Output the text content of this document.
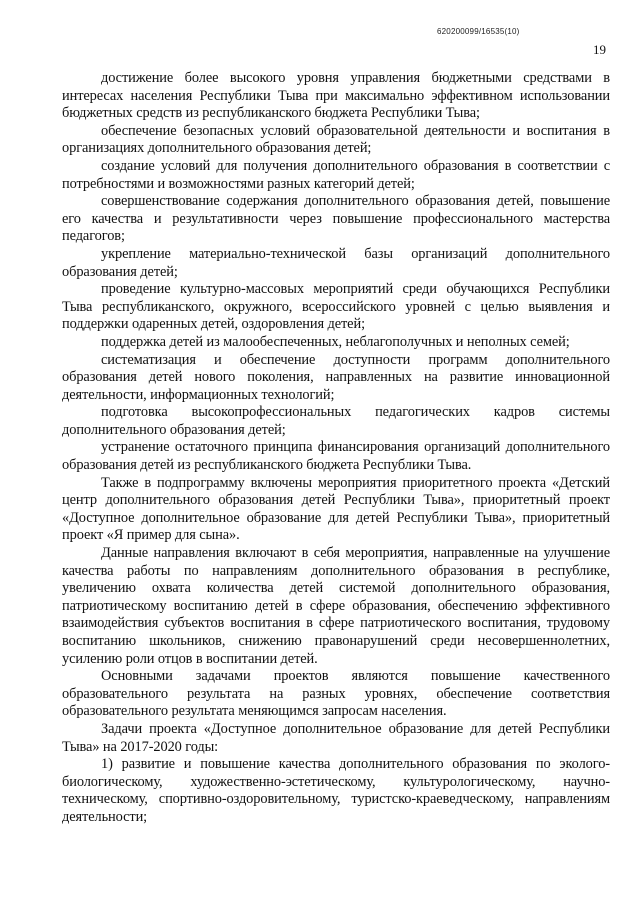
620200099/16535(10)
19

достижение более высокого уровня управления бюджетными средствами в интересах населения Республики Тыва при максимально эффективном использовании бюджетных средств из республиканского бюджета Республики Тыва;

обеспечение безопасных условий образовательной деятельности и воспитания в организациях дополнительного образования детей;

создание условий для получения дополнительного образования в соответствии с потребностями и возможностями разных категорий детей;

совершенствование содержания дополнительного образования детей, повышение его качества и результативности через повышение профессионального мастерства педагогов;

укрепление материально-технической базы организаций дополнительного образования детей;

проведение культурно-массовых мероприятий среди обучающихся Республики Тыва республиканского, окружного, всероссийского уровней с целью выявления и поддержки одаренных детей, оздоровления детей;

поддержка детей из малообеспеченных, неблагополучных и неполных семей;

систематизация и обеспечение доступности программ дополнительного образования детей нового поколения, направленных на развитие инновационной деятельности, информационных технологий;

подготовка высокопрофессиональных педагогических кадров системы дополнительного образования детей;

устранение остаточного принципа финансирования организаций дополнительного образования детей из республиканского бюджета Республики Тыва.

Также в подпрограмму включены мероприятия приоритетного проекта «Детский центр дополнительного образования детей Республики Тыва», приоритетный проект «Доступное дополнительное образование для детей Республики Тыва», приоритетный проект «Я пример для сына».

Данные направления включают в себя мероприятия, направленные на улучшение качества работы по направлениям дополнительного образования в республике, увеличению охвата количества детей системой дополнительного образования, патриотическому воспитанию детей в сфере образования, обеспечению эффективного взаимодействия субъектов воспитания в сфере патриотического воспитания, трудовому воспитанию школьников, снижению правонарушений среди несовершеннолетних, усилению роли отцов в воспитании детей.

Основными задачами проектов являются повышение качественного образовательного результата на разных уровнях, обеспечение соответствия образовательного результата меняющимся запросам населения.

Задачи проекта «Доступное дополнительное образование для детей Республики Тыва» на 2017-2020 годы:

1) развитие и повышение качества дополнительного образования по эколого-биологическому, художественно-эстетическому, культурологическому, научно-техническому, спортивно-оздоровительному, туристско-краеведческому, направлениям деятельности;
